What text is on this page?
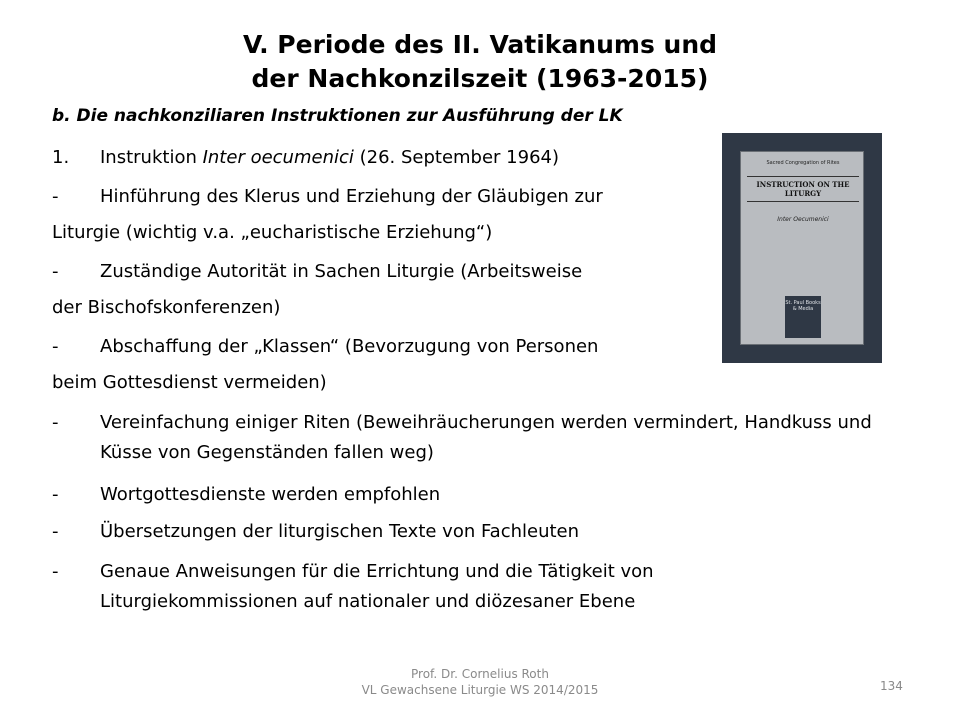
V. Periode des II. Vatikanums und
der Nachkonzilszeit (1963-2015)
b. Die nachkonziliaren Instruktionen zur Ausführung der LK
1.	Instruktion Inter oecumenici (26. September 1964)
-	Hinführung des Klerus und Erziehung der Gläubigen zur
Liturgie (wichtig v.a. „eucharistische Erziehung“)
-	Zuständige Autorität in Sachen Liturgie (Arbeitsweise
der Bischofskonferenzen)
-	Abschaffung der „Klassen“ (Bevorzugung von Personen
beim Gottesdienst vermeiden)
-	Vereinfachung einiger Riten (Beweihräucherungen werden vermindert, Handkuss und Küsse von Gegenständen fallen weg)
-	Wortgottesdienste werden empfohlen
-	Übersetzungen der liturgischen Texte von Fachleuten
-	Genaue Anweisungen für die Errichtung und die Tätigkeit von Liturgiekommissionen auf nationaler und diözesaner Ebene
Sacred Congregation of Rites
INSTRUCTION ON THE LITURGY
Inter Oecumenici
St. Paul Books & Media
Prof. Dr. Cornelius Roth
VL Gewachsene Liturgie WS 2014/2015	134
